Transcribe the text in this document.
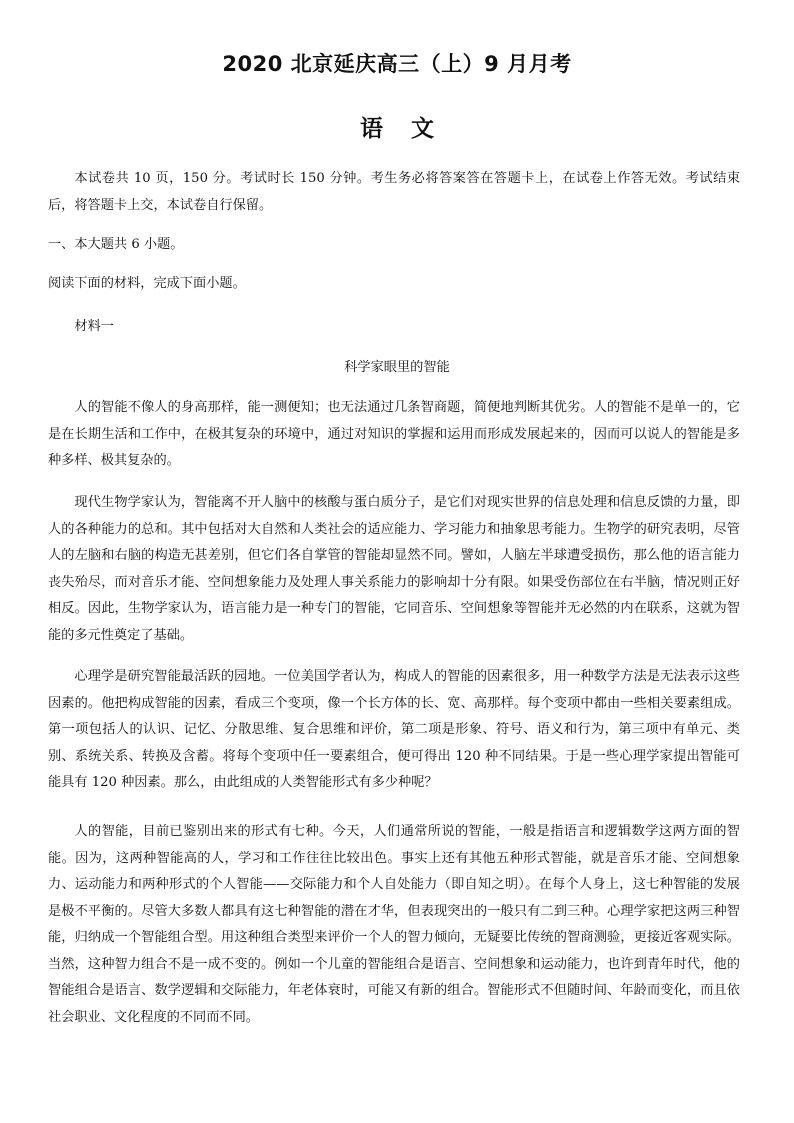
2020 北京延庆高三（上）9 月月考
语文
本试卷共 10 页，150 分。考试时长 150 分钟。考生务必将答案答在答题卡上，在试卷上作答无效。考试结束后，将答题卡上交，本试卷自行保留。
一、本大题共 6 小题。
阅读下面的材料，完成下面小题。
材料一
科学家眼里的智能
人的智能不像人的身高那样，能一测便知；也无法通过几条智商题，简便地判断其优劣。人的智能不是单一的，它是在长期生活和工作中，在极其复杂的环境中，通过对知识的掌握和运用而形成发展起来的，因而可以说人的智能是多种多样、极其复杂的。
现代生物学家认为，智能离不开人脑中的核酸与蛋白质分子，是它们对现实世界的信息处理和信息反馈的力量，即人的各种能力的总和。其中包括对大自然和人类社会的适应能力、学习能力和抽象思考能力。生物学的研究表明，尽管人的左脑和右脑的构造无甚差别，但它们各自掌管的智能却显然不同。譬如，人脑左半球遭受损伤，那么他的语言能力丧失殆尽，而对音乐才能、空间想象能力及处理人事关系能力的影响却十分有限。如果受伤部位在右半脑，情况则正好相反。因此，生物学家认为，语言能力是一种专门的智能，它同音乐、空间想象等智能并无必然的内在联系，这就为智能的多元性奠定了基础。
心理学是研究智能最活跃的园地。一位美国学者认为，构成人的智能的因素很多，用一种数学方法是无法表示这些因素的。他把构成智能的因素，看成三个变项，像一个长方体的长、宽、高那样。每个变项中都由一些相关要素组成。第一项包括人的认识、记忆、分散思维、复合思维和评价，第二项是形象、符号、语义和行为，第三项中有单元、类别、系统关系、转换及含蓄。将每个变项中任一要素组合，便可得出 120 种不同结果。于是一些心理学家提出智能可能具有 120 种因素。那么，由此组成的人类智能形式有多少种呢？
人的智能，目前已鉴别出来的形式有七种。今天，人们通常所说的智能，一般是指语言和逻辑数学这两方面的智能。因为，这两种智能高的人，学习和工作往往比较出色。事实上还有其他五种形式智能，就是音乐才能、空间想象力、运动能力和两种形式的个人智能——交际能力和个人自处能力（即自知之明）。在每个人身上，这七种智能的发展是极不平衡的。尽管大多数人都具有这七种智能的潜在才华，但表现突出的一般只有二到三种。心理学家把这两三种智能，归纳成一个智能组合型。用这种组合类型来评价一个人的智力倾向，无疑要比传统的智商测验，更接近客观实际。当然，这种智力组合不是一成不变的。例如一个儿童的智能组合是语言、空间想象和运动能力，也许到青年时代，他的智能组合是语言、数学逻辑和交际能力，年老体衰时，可能又有新的组合。智能形式不但随时间、年龄而变化，而且依社会职业、文化程度的不同而不同。
